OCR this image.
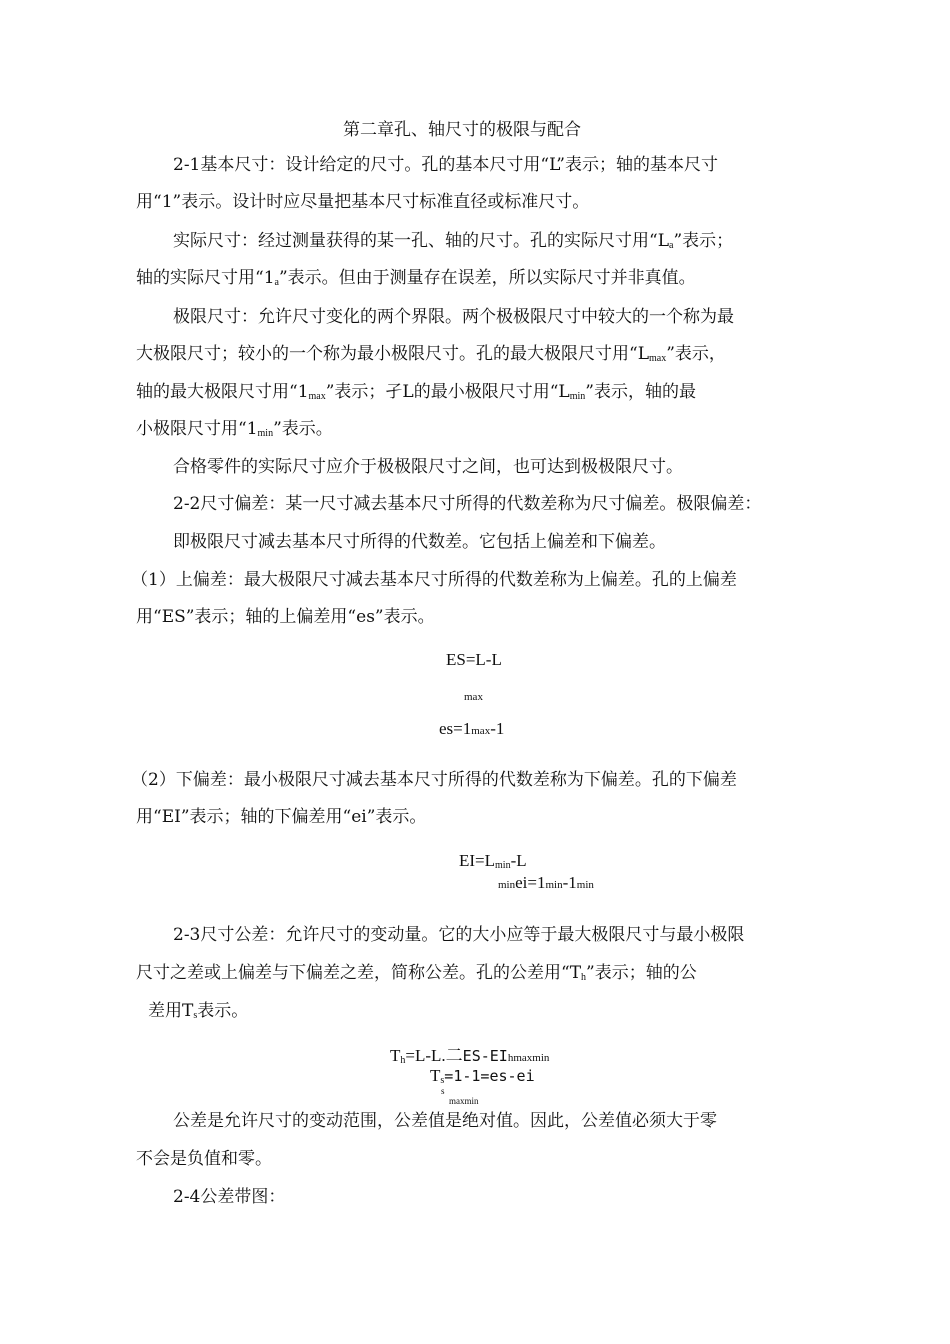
第二章孔、轴尺寸的极限与配合
2-1基本尺寸：设计给定的尺寸。孔的基本尺寸用“L”表示；轴的基本尺寸
用“1”表示。设计时应尽量把基本尺寸标准直径或标准尺寸。
实际尺寸：经过测量获得的某一孔、轴的尺寸。孔的实际尺寸用“$L_a$”表示；
轴的实际尺寸用“$1_a$”表示。但由于测量存在误差，所以实际尺寸并非真值。
极限尺寸：允许尺寸变化的两个界限。两个极极限尺寸中较大的一个称为最
大极限尺寸；较小的一个称为最小极限尺寸。孔的最大极限尺寸用“$L_{max}$”表示，
轴的最大极限尺寸用“$1_{max}$”表示；孑L的最小极限尺寸用“$L_{min}$”表示，轴的最
小极限尺寸用“$1_{min}$”表示。
合格零件的实际尺寸应介于极极限尺寸之间，也可达到极极限尺寸。
2-2尺寸偏差：某一尺寸减去基本尺寸所得的代数差称为尺寸偏差。极限偏差：
即极限尺寸减去基本尺寸所得的代数差。它包括上偏差和下偏差。
（1）上偏差：最大极限尺寸减去基本尺寸所得的代数差称为上偏差。孔的上偏差
用“ES”表示；轴的上偏差用“es”表示。
ES=L-L
max
es=1max-1
（2）下偏差：最小极限尺寸减去基本尺寸所得的代数差称为下偏差。孔的下偏差
用“EI”表示；轴的下偏差用“ei”表示。
$EI=L_{min}-L$
minei=1min-1min
2-3尺寸公差：允许尺寸的变动量。它的大小应等于最大极限尺寸与最小极限
尺寸之差或上偏差与下偏差之差，简称公差。孔的公差用“$T_h$”表示；轴的公
差用$T_s$表示。
$T_h=L-L$.二ES-EIhmaxmin
$T_s=1-1=es-ei$
s
maxmin
公差是允许尺寸的变动范围，公差值是绝对值。因此，公差值必须大于零
不会是负值和零。
2-4公差带图：
